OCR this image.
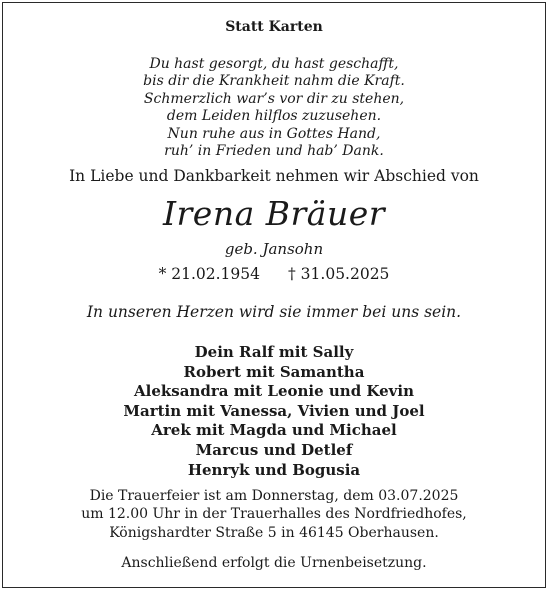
Statt Karten
Du hast gesorgt, du hast geschafft,
bis dir die Krankheit nahm die Kraft.
Schmerzlich war’s vor dir zu stehen,
dem Leiden hilflos zuzusehen.
Nun ruhe aus in Gottes Hand,
ruh’ in Frieden und hab’ Dank.
In Liebe und Dankbarkeit nehmen wir Abschied von
Irena Bräuer
geb. Jansohn
* 21.02.1954 † 31.05.2025
In unseren Herzen wird sie immer bei uns sein.
Dein Ralf mit Sally
Robert mit Samantha
Aleksandra mit Leonie und Kevin
Martin mit Vanessa, Vivien und Joel
Arek mit Magda und Michael
Marcus und Detlef
Henryk und Bogusia
Die Trauerfeier ist am Donnerstag, dem 03.07.2025
um 12.00 Uhr in der Trauerhalles des Nordfriedhofes,
Königshardter Straße 5 in 46145 Oberhausen.
Anschließend erfolgt die Urnenbeisetzung.
